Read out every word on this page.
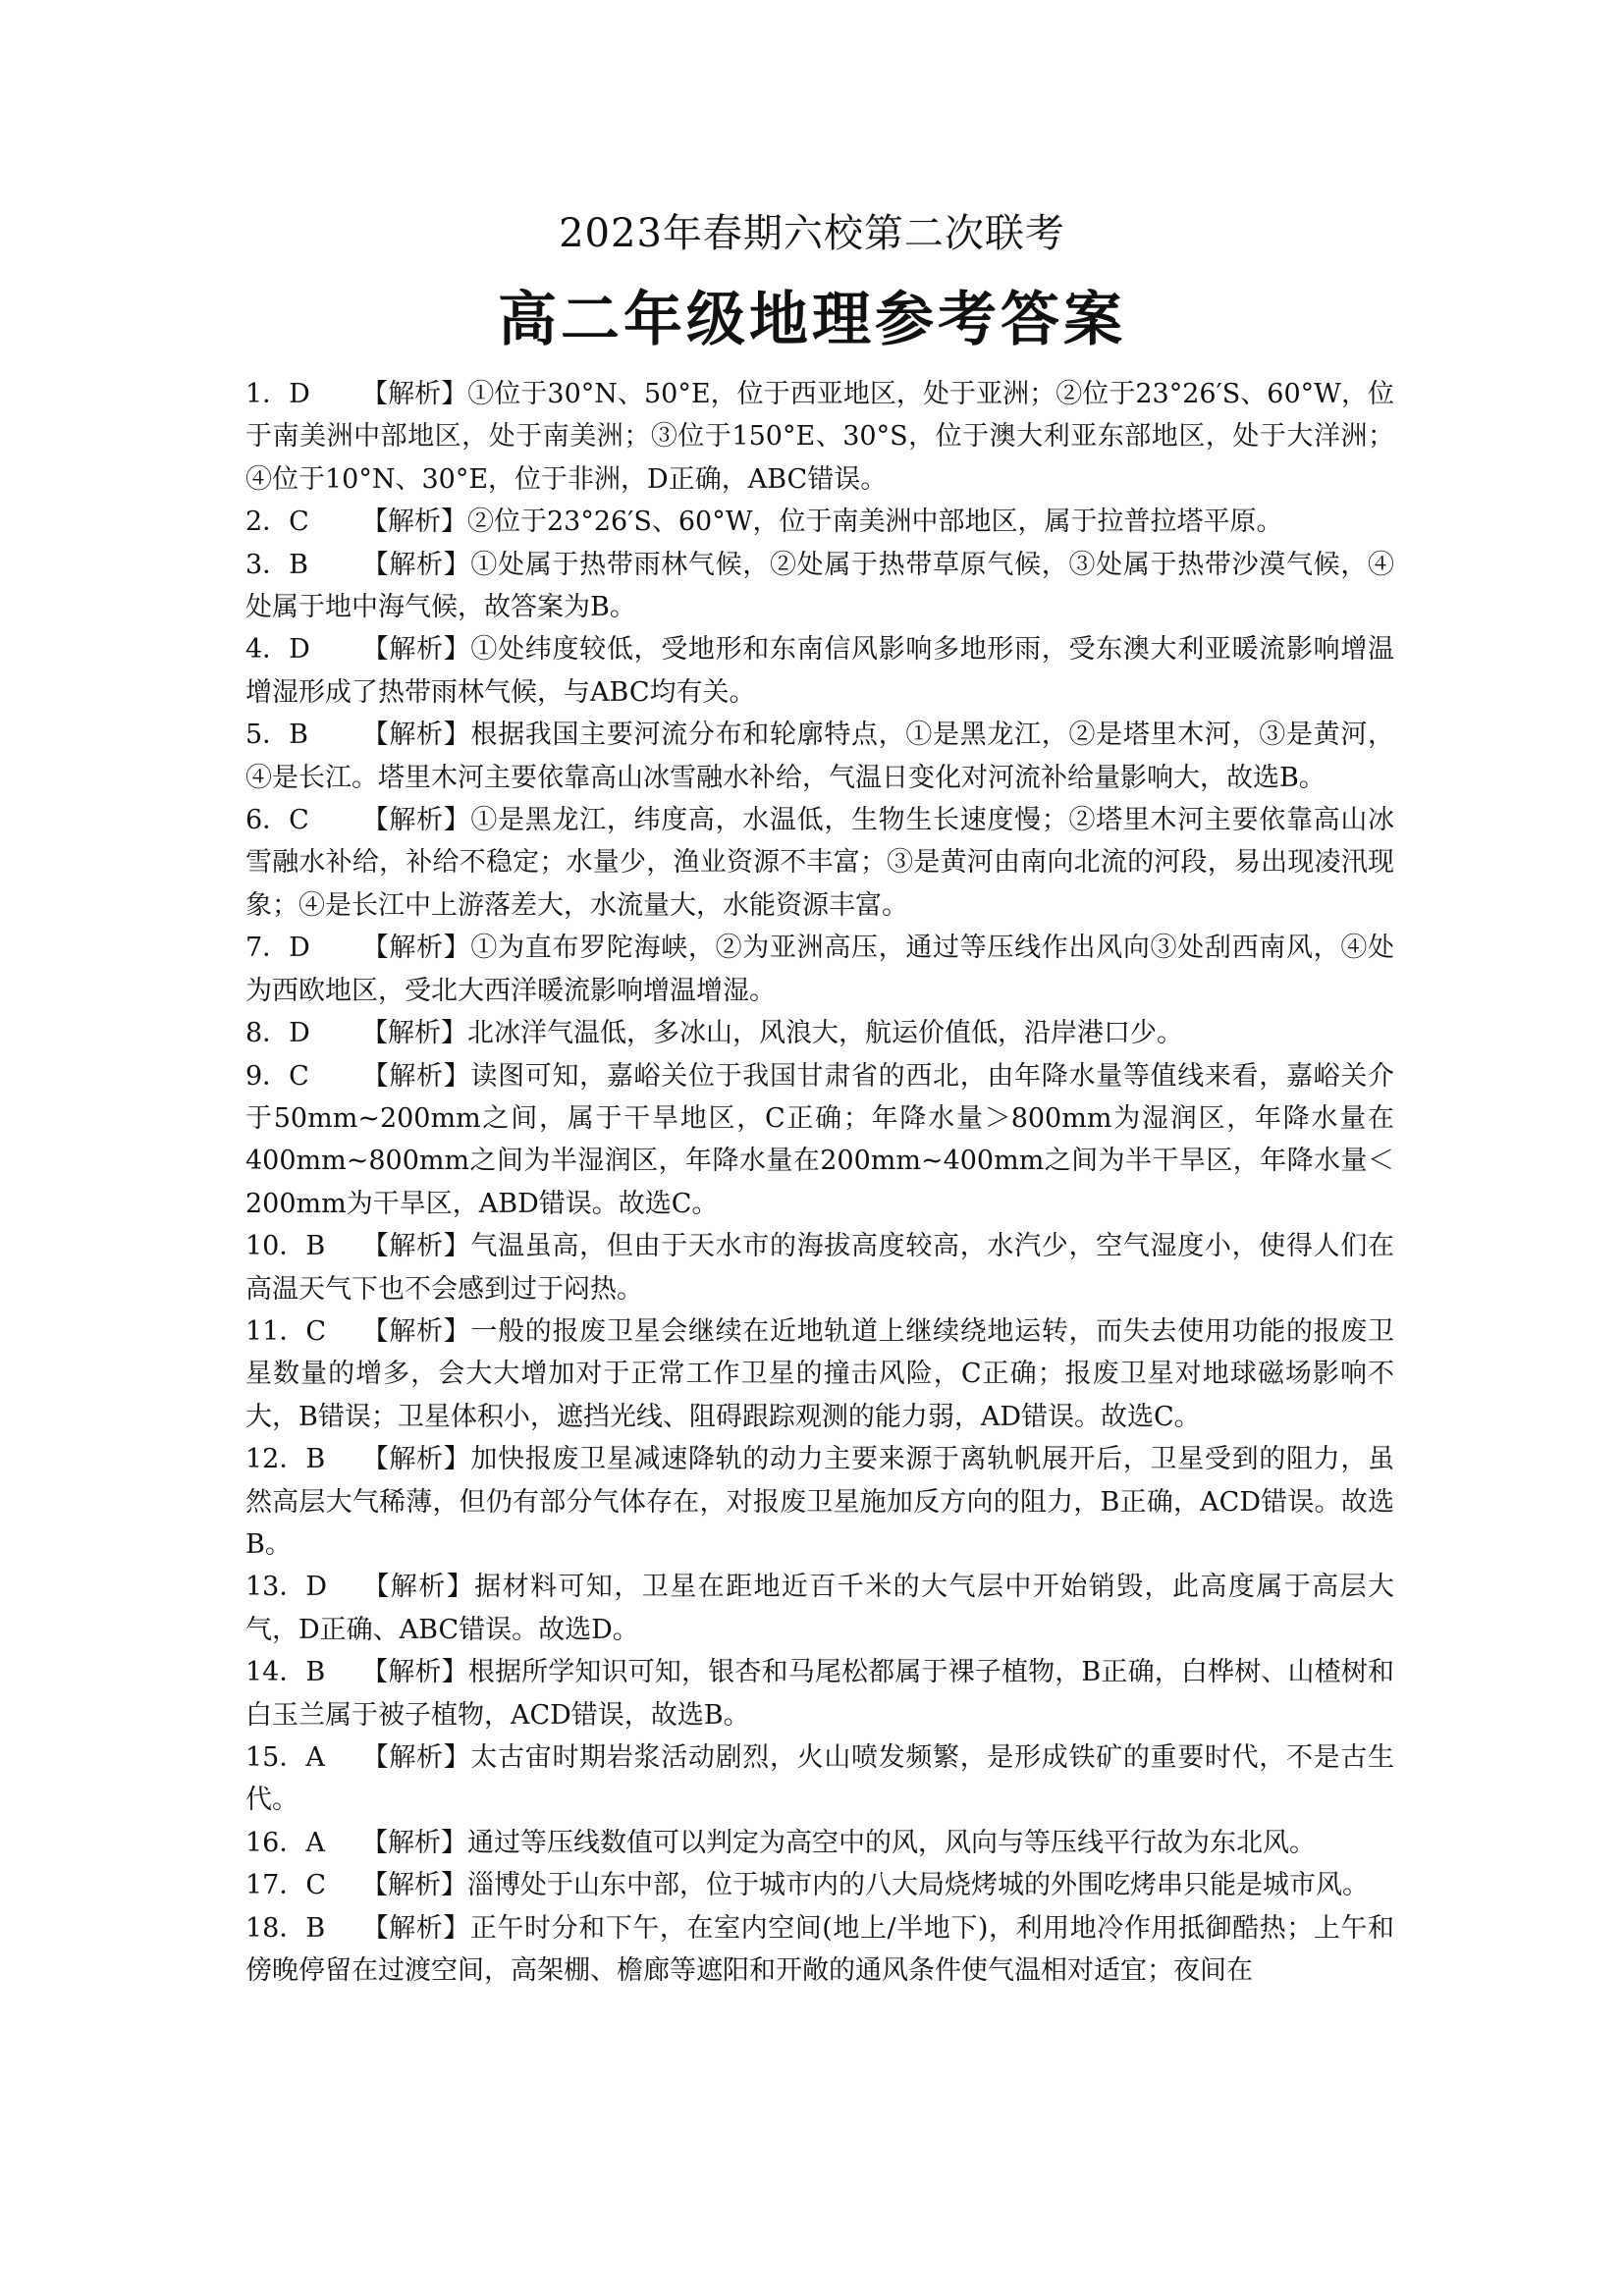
2023年春期六校第二次联考
高二年级地理参考答案

1．D 【解析】①位于30°N、50°E，位于西亚地区，处于亚洲；②位于23°26′S、60°W，位于南美洲中部地区，处于南美洲；③位于150°E、30°S，位于澳大利亚东部地区，处于大洋洲；④位于10°N、30°E，位于非洲，D正确，ABC错误。

2．C 【解析】②位于23°26′S、60°W，位于南美洲中部地区，属于拉普拉塔平原。

3．B 【解析】①处属于热带雨林气候，②处属于热带草原气候，③处属于热带沙漠气候，④处属于地中海气候，故答案为B。

4．D 【解析】①处纬度较低，受地形和东南信风影响多地形雨，受东澳大利亚暖流影响增温增湿形成了热带雨林气候，与ABC均有关。

5．B 【解析】根据我国主要河流分布和轮廓特点，①是黑龙江，②是塔里木河，③是黄河，④是长江。塔里木河主要依靠高山冰雪融水补给，气温日变化对河流补给量影响大，故选B。

6．C 【解析】①是黑龙江，纬度高，水温低，生物生长速度慢；②塔里木河主要依靠高山冰雪融水补给，补给不稳定；水量少，渔业资源不丰富；③是黄河由南向北流的河段，易出现凌汛现象；④是长江中上游落差大，水流量大，水能资源丰富。

7．D 【解析】①为直布罗陀海峡，②为亚洲高压，通过等压线作出风向③处刮西南风，④处为西欧地区，受北大西洋暖流影响增温增湿。

8．D 【解析】北冰洋气温低，多冰山，风浪大，航运价值低，沿岸港口少。

9．C 【解析】读图可知，嘉峪关位于我国甘肃省的西北，由年降水量等值线来看，嘉峪关介于50mm~200mm之间，属于干旱地区，C正确；年降水量＞800mm为湿润区，年降水量在400mm~800mm之间为半湿润区，年降水量在200mm~400mm之间为半干旱区，年降水量＜200mm为干旱区，ABD错误。故选C。

10．B 【解析】气温虽高，但由于天水市的海拔高度较高，水汽少，空气湿度小，使得人们在高温天气下也不会感到过于闷热。

11．C 【解析】一般的报废卫星会继续在近地轨道上继续绕地运转，而失去使用功能的报废卫星数量的增多，会大大增加对于正常工作卫星的撞击风险，C正确；报废卫星对地球磁场影响不大，B错误；卫星体积小，遮挡光线、阻碍跟踪观测的能力弱，AD错误。故选C。

12．B 【解析】加快报废卫星减速降轨的动力主要来源于离轨帆展开后，卫星受到的阻力，虽然高层大气稀薄，但仍有部分气体存在，对报废卫星施加反方向的阻力，B正确，ACD错误。故选B。

13．D 【解析】据材料可知，卫星在距地近百千米的大气层中开始销毁，此高度属于高层大气，D正确、ABC错误。故选D。

14．B 【解析】根据所学知识可知，银杏和马尾松都属于裸子植物，B正确，白桦树、山楂树和白玉兰属于被子植物，ACD错误，故选B。

15．A 【解析】太古宙时期岩浆活动剧烈，火山喷发频繁，是形成铁矿的重要时代，不是古生代。

16．A 【解析】通过等压线数值可以判定为高空中的风，风向与等压线平行故为东北风。

17．C 【解析】淄博处于山东中部，位于城市内的八大局烧烤城的外围吃烤串只能是城市风。

18．B 【解析】正午时分和下午，在室内空间(地上/半地下)，利用地冷作用抵御酷热；上午和傍晚停留在过渡空间，高架棚、檐廊等遮阳和开敞的通风条件使气温相对适宜；夜间在
